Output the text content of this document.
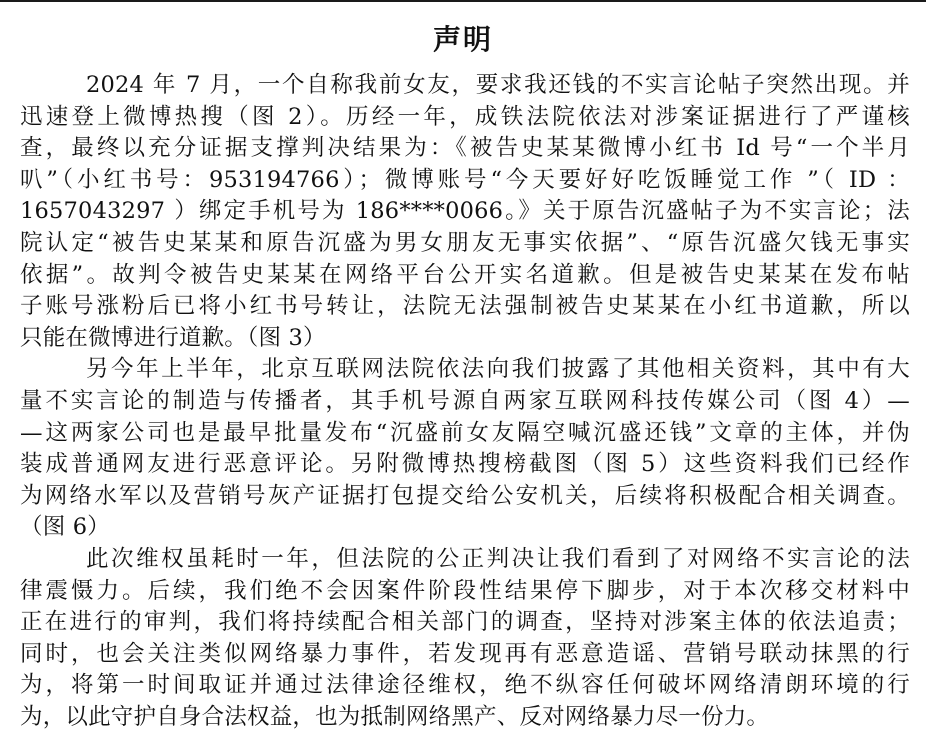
声明
2024 年 7 月，一个自称我前女友，要求我还钱的不实言论帖子突然出现。并
迅速登上微博热搜（图 2）。历经一年，成铁法院依法对涉案证据进行了严谨核
查，最终以充分证据支撑判决结果为：《被告史某某微博小红书 Id 号“一个半月
叭”（小红书号：953194766）；微博账号“今天要好好吃饭睡觉工作 ”（ ID ：
1657043297 ）绑定手机号为 186****0066。》关于原告沉盛帖子为不实言论；法
院认定“被告史某某和原告沉盛为男女朋友无事实依据”、“原告沉盛欠钱无事实
依据”。故判令被告史某某在网络平台公开实名道歉。但是被告史某某在发布帖
子账号涨粉后已将小红书号转让，法院无法强制被告史某某在小红书道歉，所以
只能在微博进行道歉。（图 3）
另今年上半年，北京互联网法院依法向我们披露了其他相关资料，其中有大
量不实言论的制造与传播者，其手机号源自两家互联网科技传媒公司（图 4）—
—这两家公司也是最早批量发布“沉盛前女友隔空喊沉盛还钱”文章的主体，并伪
装成普通网友进行恶意评论。另附微博热搜榜截图（图 5）这些资料我们已经作
为网络水军以及营销号灰产证据打包提交给公安机关，后续将积极配合相关调查。
（图 6）
此次维权虽耗时一年，但法院的公正判决让我们看到了对网络不实言论的法
律震慑力。后续，我们绝不会因案件阶段性结果停下脚步，对于本次移交材料中
正在进行的审判，我们将持续配合相关部门的调查，坚持对涉案主体的依法追责；
同时，也会关注类似网络暴力事件，若发现再有恶意造谣、营销号联动抹黑的行
为，将第一时间取证并通过法律途径维权，绝不纵容任何破坏网络清朗环境的行
为，以此守护自身合法权益，也为抵制网络黑产、反对网络暴力尽一份力。
